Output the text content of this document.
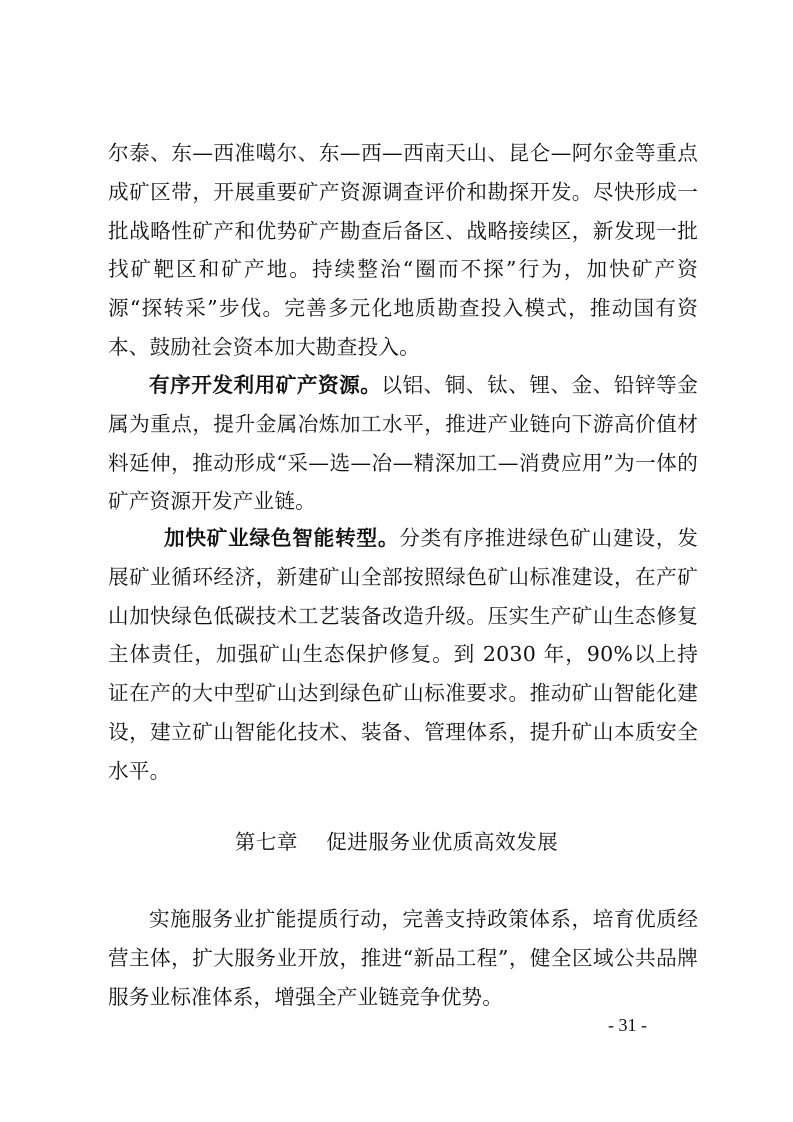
尔泰、东—西准噶尔、东—西—西南天山、昆仑—阿尔金等重点成矿区带，开展重要矿产资源调查评价和勘探开发。尽快形成一批战略性矿产和优势矿产勘查后备区、战略接续区，新发现一批找矿靶区和矿产地。持续整治“圈而不探”行为，加快矿产资源“探转采”步伐。完善多元化地质勘查投入模式，推动国有资本、鼓励社会资本加大勘查投入。

有序开发利用矿产资源。以铝、铜、钛、锂、金、铅锌等金属为重点，提升金属冶炼加工水平，推进产业链向下游高价值材料延伸，推动形成“采—选—冶—精深加工—消费应用”为一体的矿产资源开发产业链。

加快矿业绿色智能转型。分类有序推进绿色矿山建设，发展矿业循环经济，新建矿山全部按照绿色矿山标准建设，在产矿山加快绿色低碳技术工艺装备改造升级。压实生产矿山生态修复主体责任，加强矿山生态保护修复。到 2030 年，90%以上持证在产的大中型矿山达到绿色矿山标准要求。推动矿山智能化建设，建立矿山智能化技术、装备、管理体系，提升矿山本质安全水平。

第七章 促进服务业优质高效发展

实施服务业扩能提质行动，完善支持政策体系，培育优质经营主体，扩大服务业开放，推进“新品工程”，健全区域公共品牌服务业标准体系，增强全产业链竞争优势。

- 31 -
